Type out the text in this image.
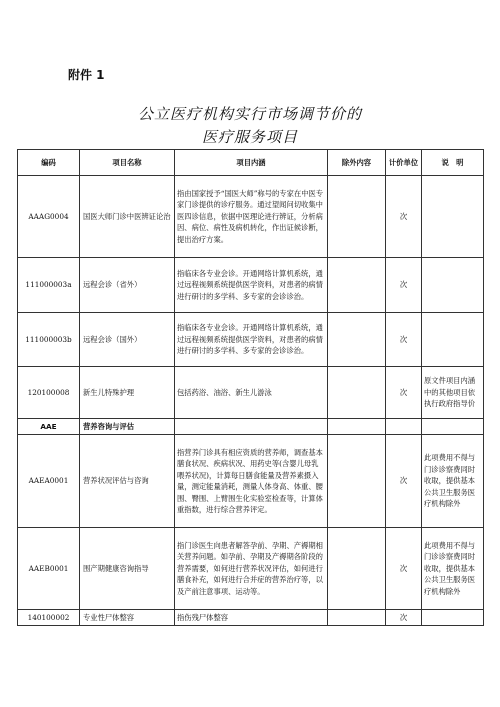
附件 1
公立医疗机构实行市场调节价的
医疗服务项目
编码	项目名称	项目内涵	除外内容	计价单位	说　明
AAAG0004	国医大师门诊中医辨证论治	指由国家授予“国医大师”称号的专家在中医专家门诊提供的诊疗服务。通过望闻问切收集中医四诊信息，依据中医理论进行辨证，分析病因、病位、病性及病机转化，作出证候诊断，提出治疗方案。		次	
111000003a	远程会诊（省外）	指临床各专业会诊。开通网络计算机系统，通过远程视频系统提供医学资料，对患者的病情进行研讨的多学科、多专家的会诊诊治。		次	
111000003b	远程会诊（国外）	指临床各专业会诊。开通网络计算机系统，通过远程视频系统提供医学资料，对患者的病情进行研讨的多学科、多专家的会诊诊治。		次	
120100008	新生儿特殊护理	包括药浴、油浴、新生儿游泳		次	原文件项目内涵中的其他项目依执行政府指导价
AAE	营养咨询与评估				
AAEA0001	营养状况评估与咨询	指营养门诊具有相应资质的营养师，调查基本膳食状况、疾病状况、用药史等(含婴儿母乳喂养状况)，计算每日膳食能量及营养素摄入量，测定能量消耗，测量人体身高、体重、腰围、臀围、上臂围生化实验室检查等，计算体重指数，进行综合营养评定。		次	此项费用不得与门诊诊察费同时收取，提供基本公共卫生服务医疗机构除外
AAEB0001	围产期健康咨询指导	指门诊医生向患者解答孕前、孕期、产褥期相关营养问题。如孕前、孕期及产褥期各阶段的营养需要，如何进行营养状况评估，如何进行膳食补充，如何进行合并症的营养治疗等，以及产前注意事项、运动等。		次	此项费用不得与门诊诊察费同时收取，提供基本公共卫生服务医疗机构除外
140100002	专业性尸体整容	指伤残尸体整容		次	
